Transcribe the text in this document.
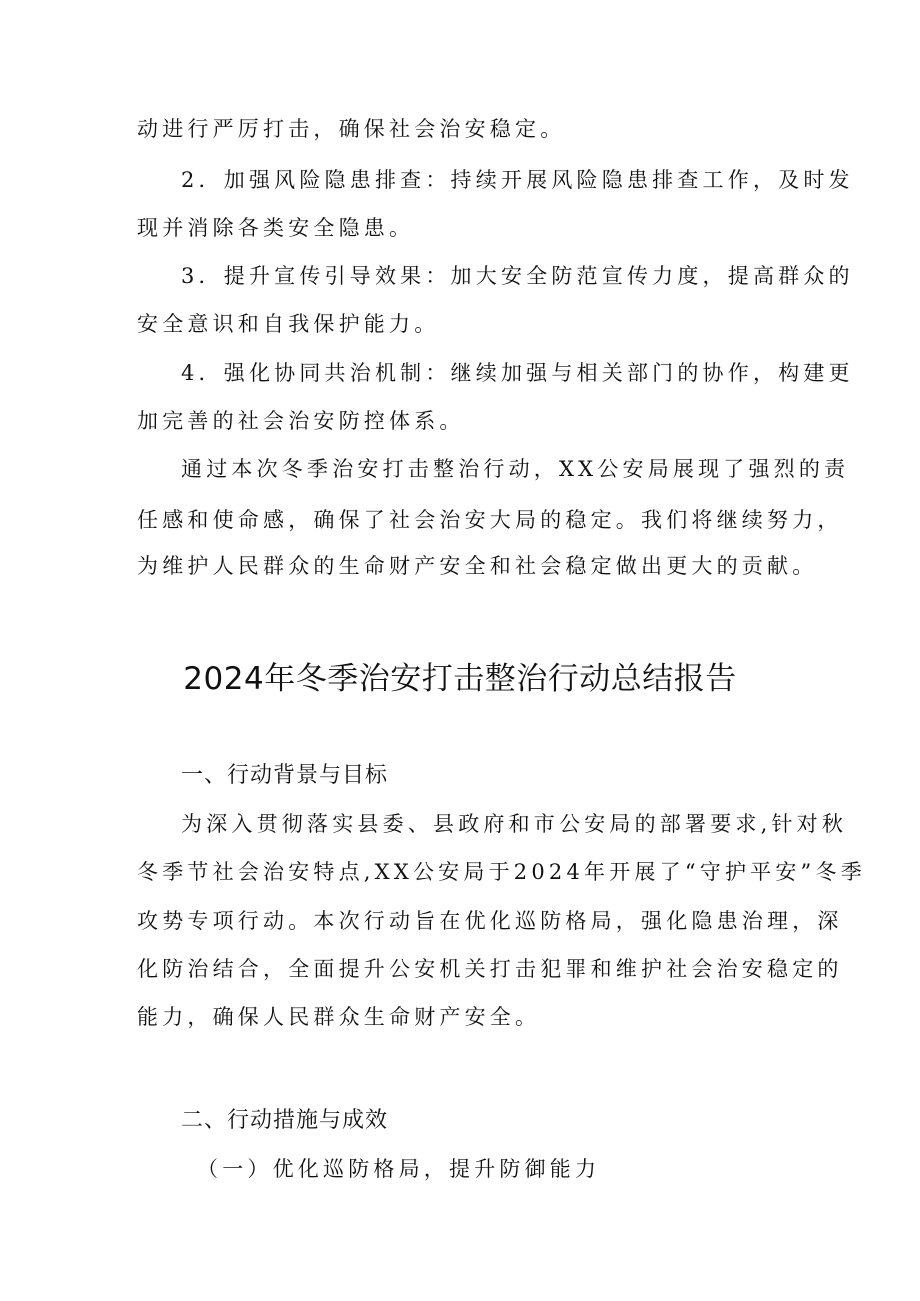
动进行严厉打击，确保社会治安稳定。
2．加强风险隐患排查：持续开展风险隐患排查工作，及时发
现并消除各类安全隐患。
3．提升宣传引导效果：加大安全防范宣传力度，提高群众的
安全意识和自我保护能力。
4．强化协同共治机制：继续加强与相关部门的协作，构建更
加完善的社会治安防控体系。
通过本次冬季治安打击整治行动，XX公安局展现了强烈的责
任感和使命感，确保了社会治安大局的稳定。我们将继续努力，
为维护人民群众的生命财产安全和社会稳定做出更大的贡献。
2024年冬季治安打击整治行动总结报告
一、行动背景与目标
为深入贯彻落实县委、县政府和市公安局的部署要求,针对秋
冬季节社会治安特点,XX公安局于2024年开展了“守护平安”冬季
攻势专项行动。本次行动旨在优化巡防格局，强化隐患治理，深
化防治结合，全面提升公安机关打击犯罪和维护社会治安稳定的
能力，确保人民群众生命财产安全。
二、行动措施与成效
（一）优化巡防格局，提升防御能力
